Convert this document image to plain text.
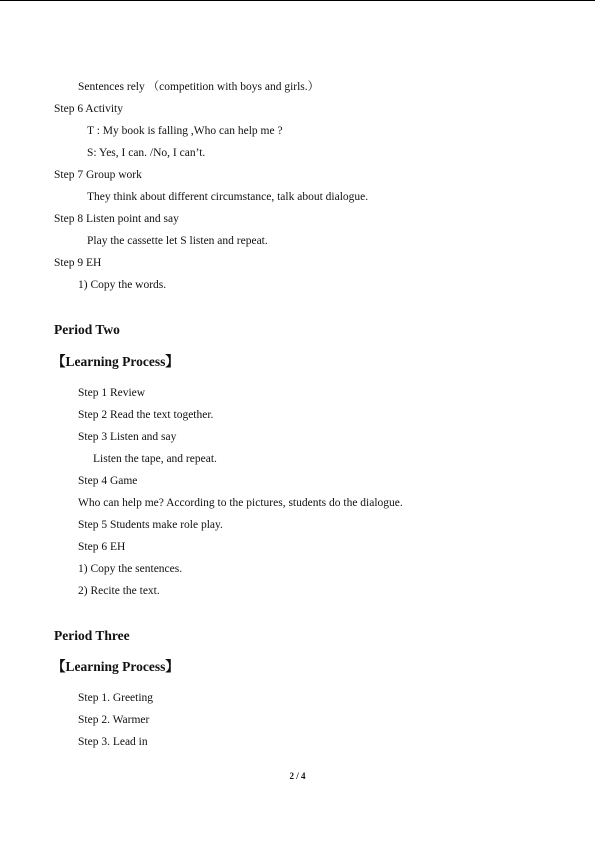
Sentences rely （competition with boys and girls.）
Step 6 Activity
T : My book is falling ,Who can help me ?
S: Yes, I can. /No, I can’t.
Step 7 Group work
They think about different circumstance, talk about dialogue.
Step 8 Listen point and say
Play the cassette let S listen and repeat.
Step 9 EH
1) Copy the words.
Period Two
【Learning Process】
Step 1 Review
Step 2 Read the text together.
Step 3 Listen and say
Listen the tape, and repeat.
Step 4 Game
Who can help me? According to the pictures, students do the dialogue.
Step 5 Students make role play.
Step 6 EH
1) Copy the sentences.
2) Recite the text.
Period Three
【Learning Process】
Step 1. Greeting
Step 2. Warmer
Step 3. Lead in
2 / 4
